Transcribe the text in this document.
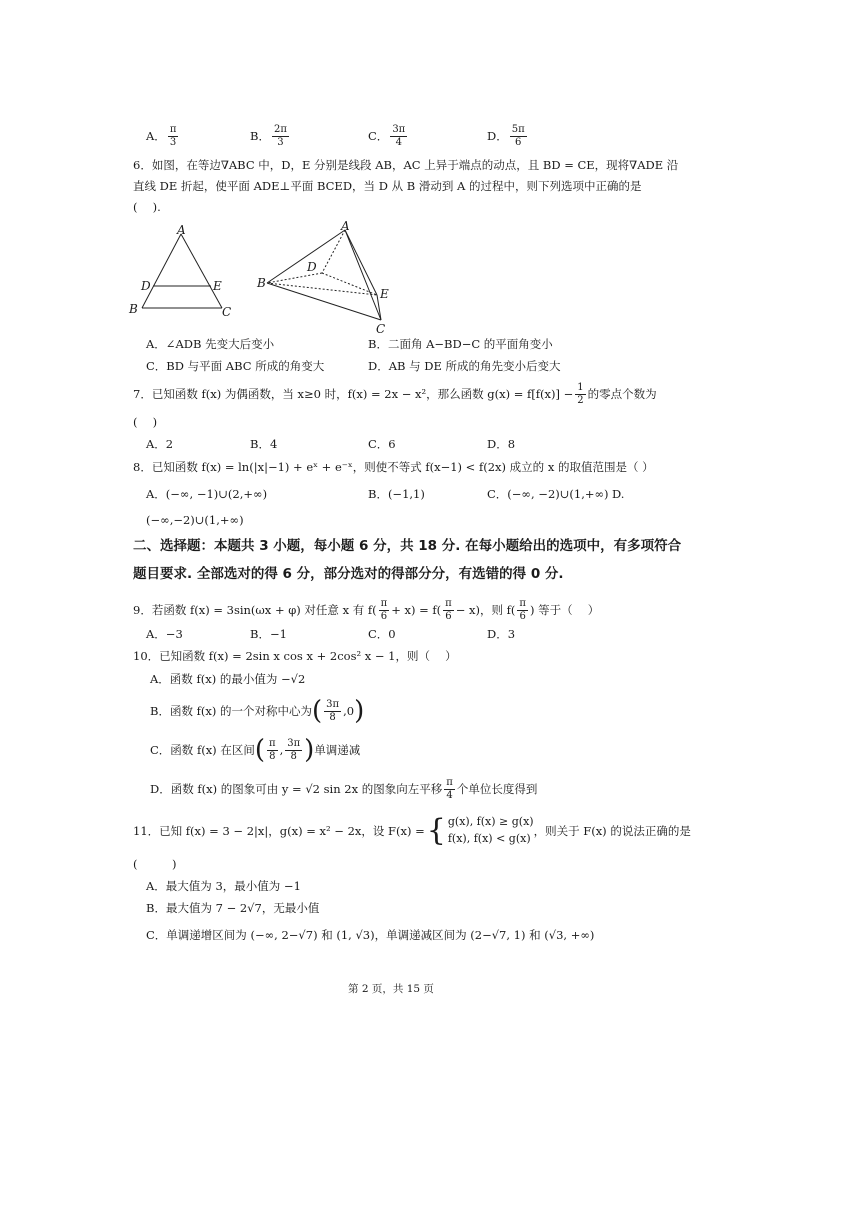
A． $\frac{\pi}{3}$	B． $\frac{2\pi}{3}$	C． $\frac{3\pi}{4}$	D． $\frac{5\pi}{6}$
6．如图，在等边∇ABC 中，D，E 分别是线段 AB，AC 上异于端点的动点，且 BD = CE，现将∇ADE 沿
直线 DE 折起，使平面 ADE⊥平面 BCED，当 D 从 B 滑动到 A 的过程中，则下列选项中正确的是
(　 ).
A
D	E
B	C
A
D
B
E
C
A．∠ADB 先变大后变小	B．二面角 A−BD−C 的平面角变小
C．BD 与平面 ABC 所成的角变大	D．AB 与 DE 所成的角先变小后变大
7．已知函数 f(x) 为偶函数，当 x≥0 时，f(x) = 2x − x²，那么函数 $g(x) = f[f(x)] - \frac{1}{2}$ 的零点个数为
(　 )
A．2	B．4	C．6	D．8
8．已知函数 f(x) = ln(|x|−1) + eˣ + e⁻ˣ，则使不等式 f(x−1) < f(2x) 成立的 x 的取值范围是（ ）
A．(−∞, −1)∪(2,+∞)	B．(−1,1)	C．(−∞, −2)∪(1,+∞) D.
(−∞,−2)∪(1,+∞)
二、选择题：本题共 3 小题，每小题 6 分，共 18 分. 在每小题给出的选项中，有多项符合
题目要求. 全部选对的得 6 分，部分选对的得部分分，有选错的得 0 分.
9．若函数 f(x) = 3sin(ωx + φ) 对任意 x 有 $f( \frac{\pi}{6} + x) = f( \frac{\pi}{6} - x)$，则
$f( \frac{\pi}{6}$ ) 等于（　 ）
A．−3	B．−1	C．0	D．3
10．已知函数 f(x) = 2sin x cos x + 2cos² x − 1，则（　 ）
A．函数 f(x) 的最小值为 −√2
B．函数 f(x) 的一个对称中心为 ( $\frac{3\pi}{8} ,0$ )
C．函数 f(x) 在区间 ( $\frac{\pi}{8}$ , $\frac{3\pi}{8}$ ) 单调递减
D．函数 f(x) 的图象可由 y = √2 sin 2x 的图象向左平移 $\frac{\pi}{4}$ 个单位长度得到
11．已知 f(x) = 3 − 2|x|，g(x) = x² − 2x，设 F(x) = { g(x), f(x) ≥ g(x)
f(x), f(x) < g(x)
，则关于 F(x) 的说法正确的是
(　　　)
A．最大值为 3，最小值为 −1
B．最大值为 7 − 2√7，无最小值
C．单调递增区间为 (−∞, 2−√7) 和 (1, √3)，单调递减区间为 (2−√7, 1) 和 (√3, +∞)
第 2 页，共 15 页
